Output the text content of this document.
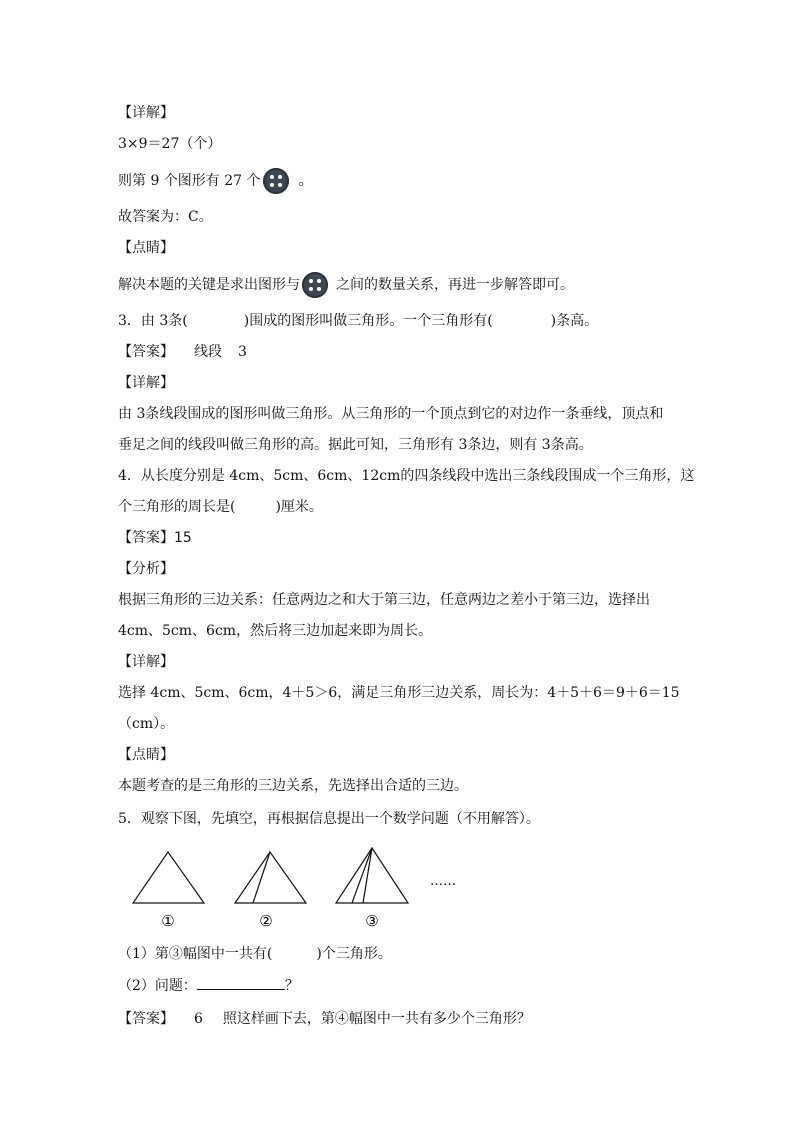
【详解】
3×9＝27（个）
则第 9 个图形有 27 个	。
故答案为：C。
【点睛】
解决本题的关键是求出图形与	之间的数量关系，再进一步解答即可。
3．由 3条(	)围成的图形叫做三角形。一个三角形有(	)条高。
【答案】 线段 3
【详解】
由 3条线段围成的图形叫做三角形。从三角形的一个顶点到它的对边作一条垂线，顶点和
垂足之间的线段叫做三角形的高。据此可知，三角形有 3条边，则有 3条高。
4．从长度分别是 4cm、5cm、6cm、12cm的四条线段中选出三条线段围成一个三角形，这
个三角形的周长是(	)厘米。
【答案】15
【分析】
根据三角形的三边关系：任意两边之和大于第三边，任意两边之差小于第三边，选择出
4cm、5cm、6cm，然后将三边加起来即为周长。
【详解】
选择 4cm、5cm、6cm，4＋5＞6，满足三角形三边关系，周长为：4＋5＋6＝9＋6＝15
（cm）。
【点睛】
本题考查的是三角形的三边关系，先选择出合适的三边。
5．观察下图，先填空，再根据信息提出一个数学问题（不用解答）。
①	②	③
……
（1）第③幅图中一共有(	)个三角形。
（2）问题：	？
【答案】 6 照这样画下去，第④幅图中一共有多少个三角形？
